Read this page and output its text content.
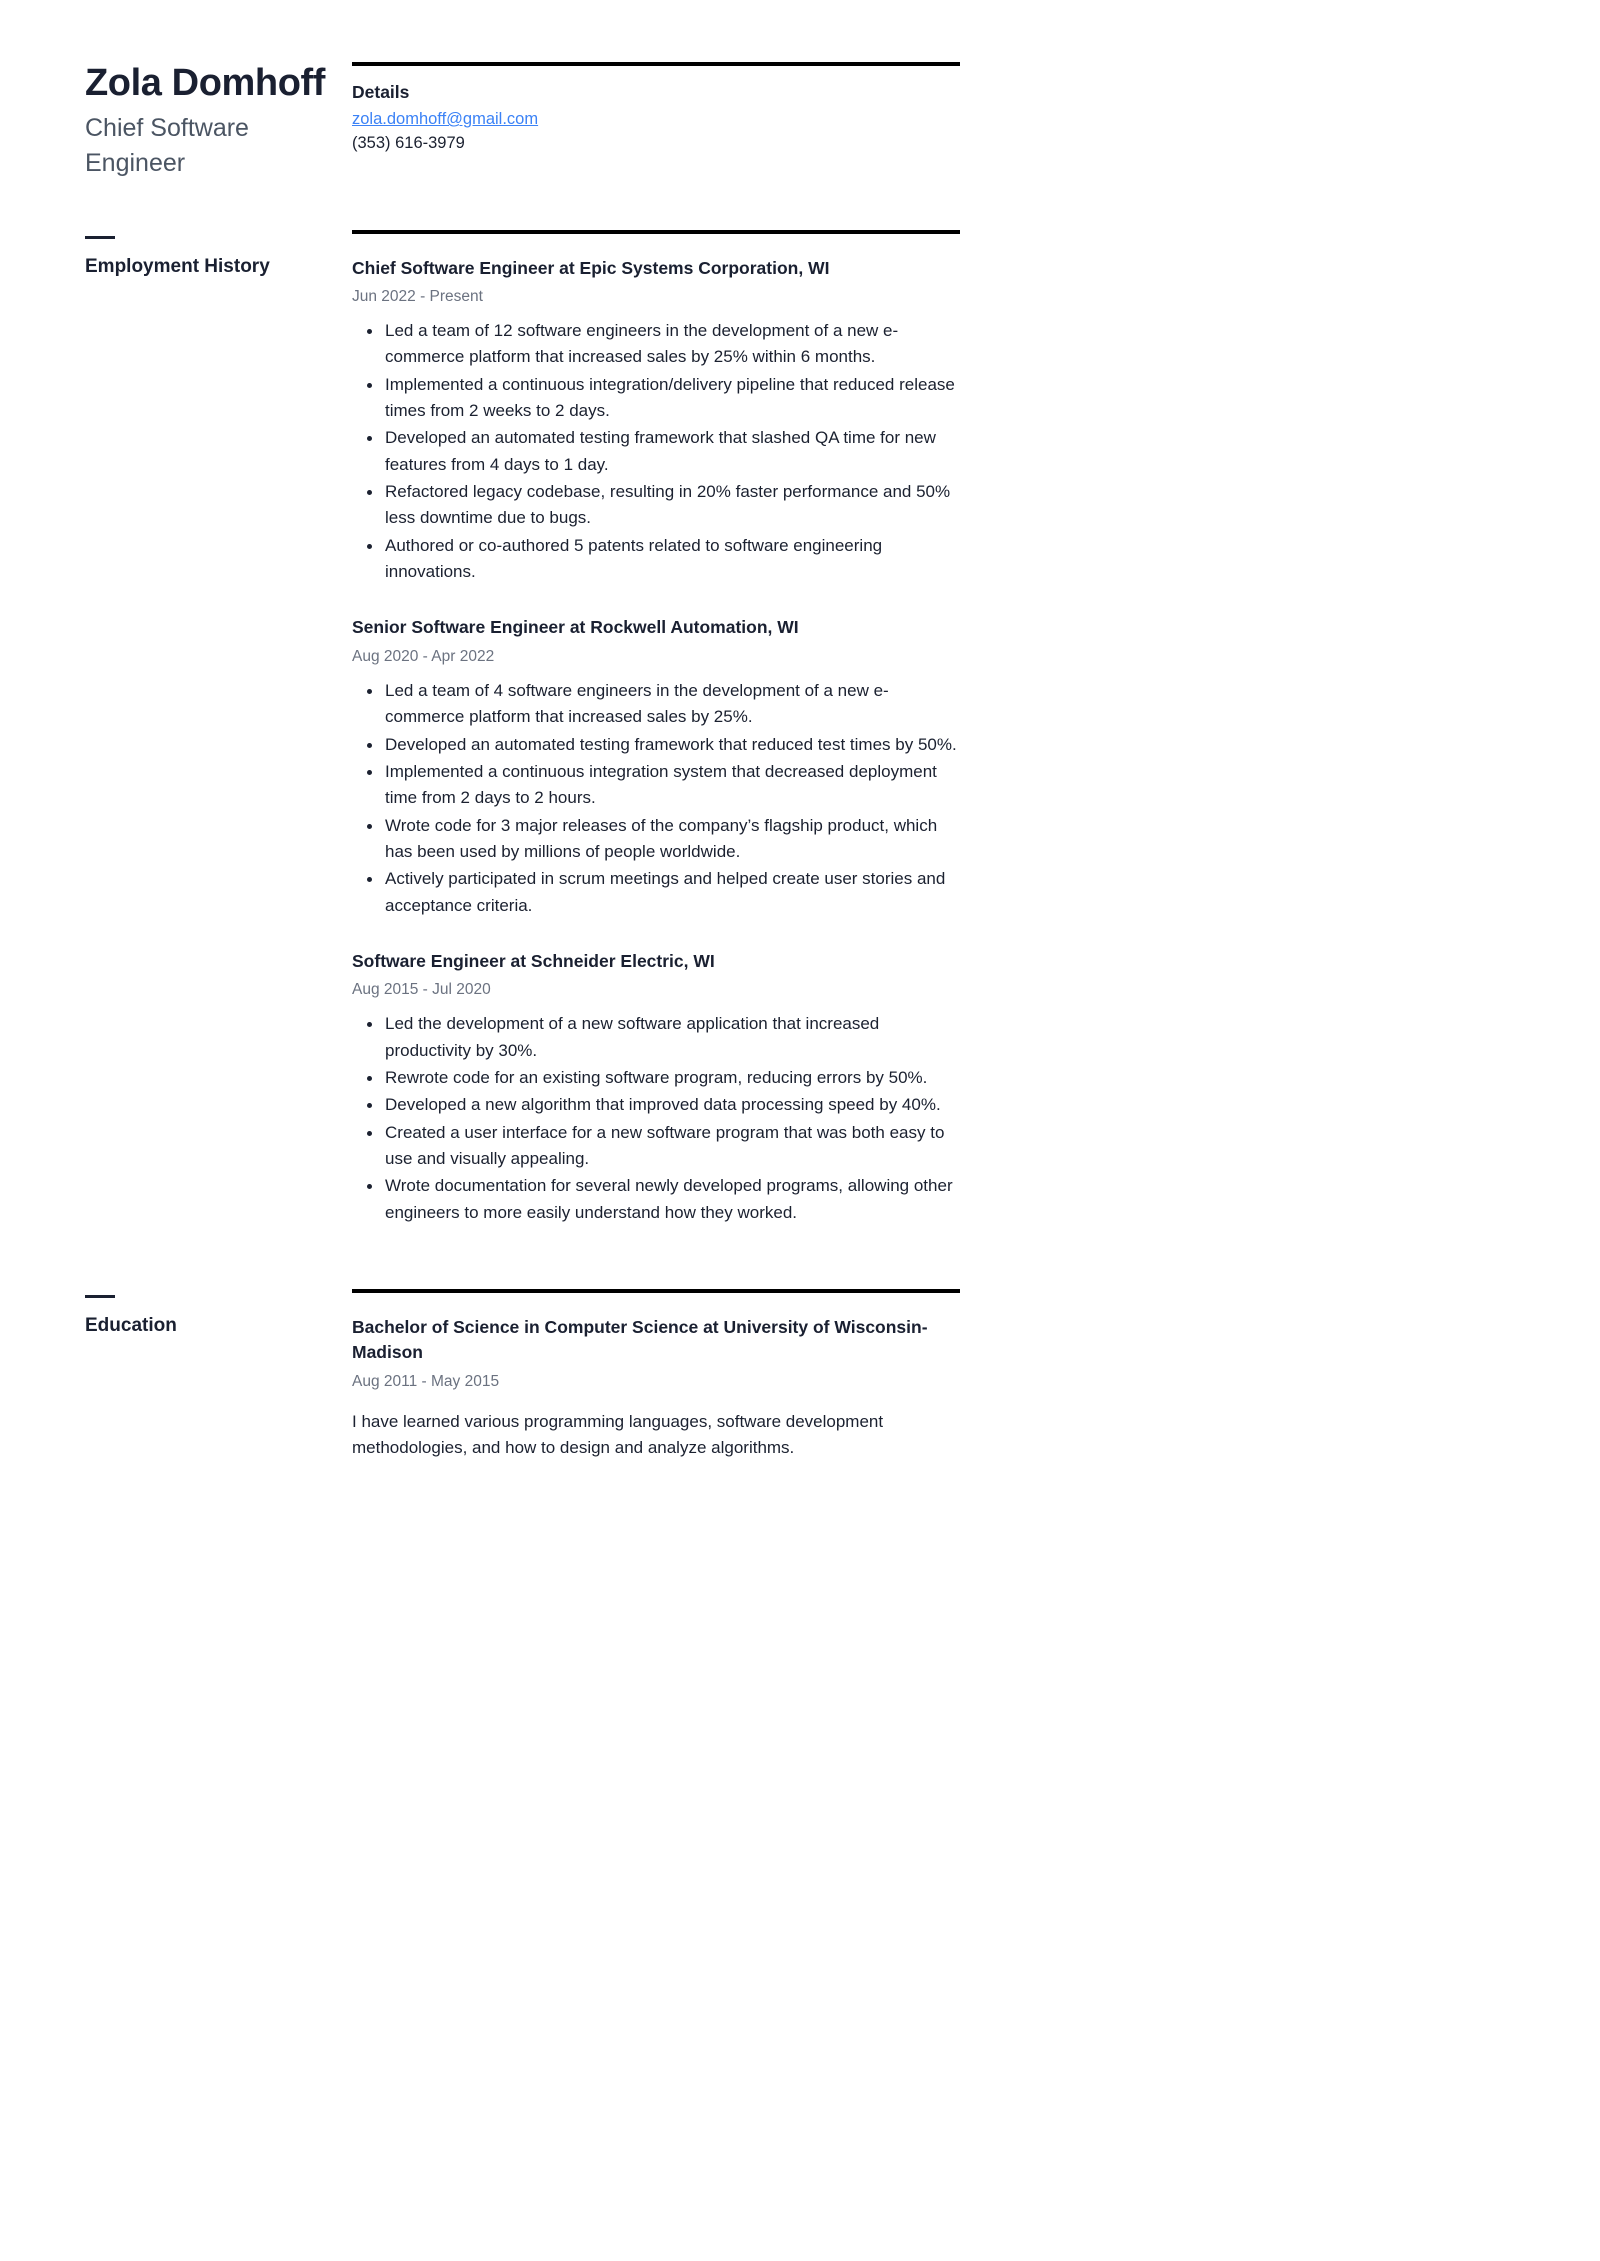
Zola Domhoff
Chief Software Engineer
Details
zola.domhoff@gmail.com
(353) 616-3979
Employment History	Chief Software Engineer at Epic Systems Corporation, WI
Jun 2022 - Present
Led a team of 12 software engineers in the development of a new e-commerce platform that increased sales by 25% within 6 months.
Implemented a continuous integration/delivery pipeline that reduced release times from 2 weeks to 2 days.
Developed an automated testing framework that slashed QA time for new features from 4 days to 1 day.
Refactored legacy codebase, resulting in 20% faster performance and 50% less downtime due to bugs.
Authored or co-authored 5 patents related to software engineering innovations.
Senior Software Engineer at Rockwell Automation, WI
Aug 2020 - Apr 2022
Led a team of 4 software engineers in the development of a new e-commerce platform that increased sales by 25%.
Developed an automated testing framework that reduced test times by 50%.
Implemented a continuous integration system that decreased deployment time from 2 days to 2 hours.
Wrote code for 3 major releases of the company’s flagship product, which has been used by millions of people worldwide.
Actively participated in scrum meetings and helped create user stories and acceptance criteria.
Software Engineer at Schneider Electric, WI
Aug 2015 - Jul 2020
Led the development of a new software application that increased productivity by 30%.
Rewrote code for an existing software program, reducing errors by 50%.
Developed a new algorithm that improved data processing speed by 40%.
Created a user interface for a new software program that was both easy to use and visually appealing.
Wrote documentation for several newly developed programs, allowing other engineers to more easily understand how they worked.
Education	Bachelor of Science in Computer Science at University of Wisconsin-Madison
Aug 2011 - May 2015
I have learned various programming languages, software development methodologies, and how to design and analyze algorithms.
